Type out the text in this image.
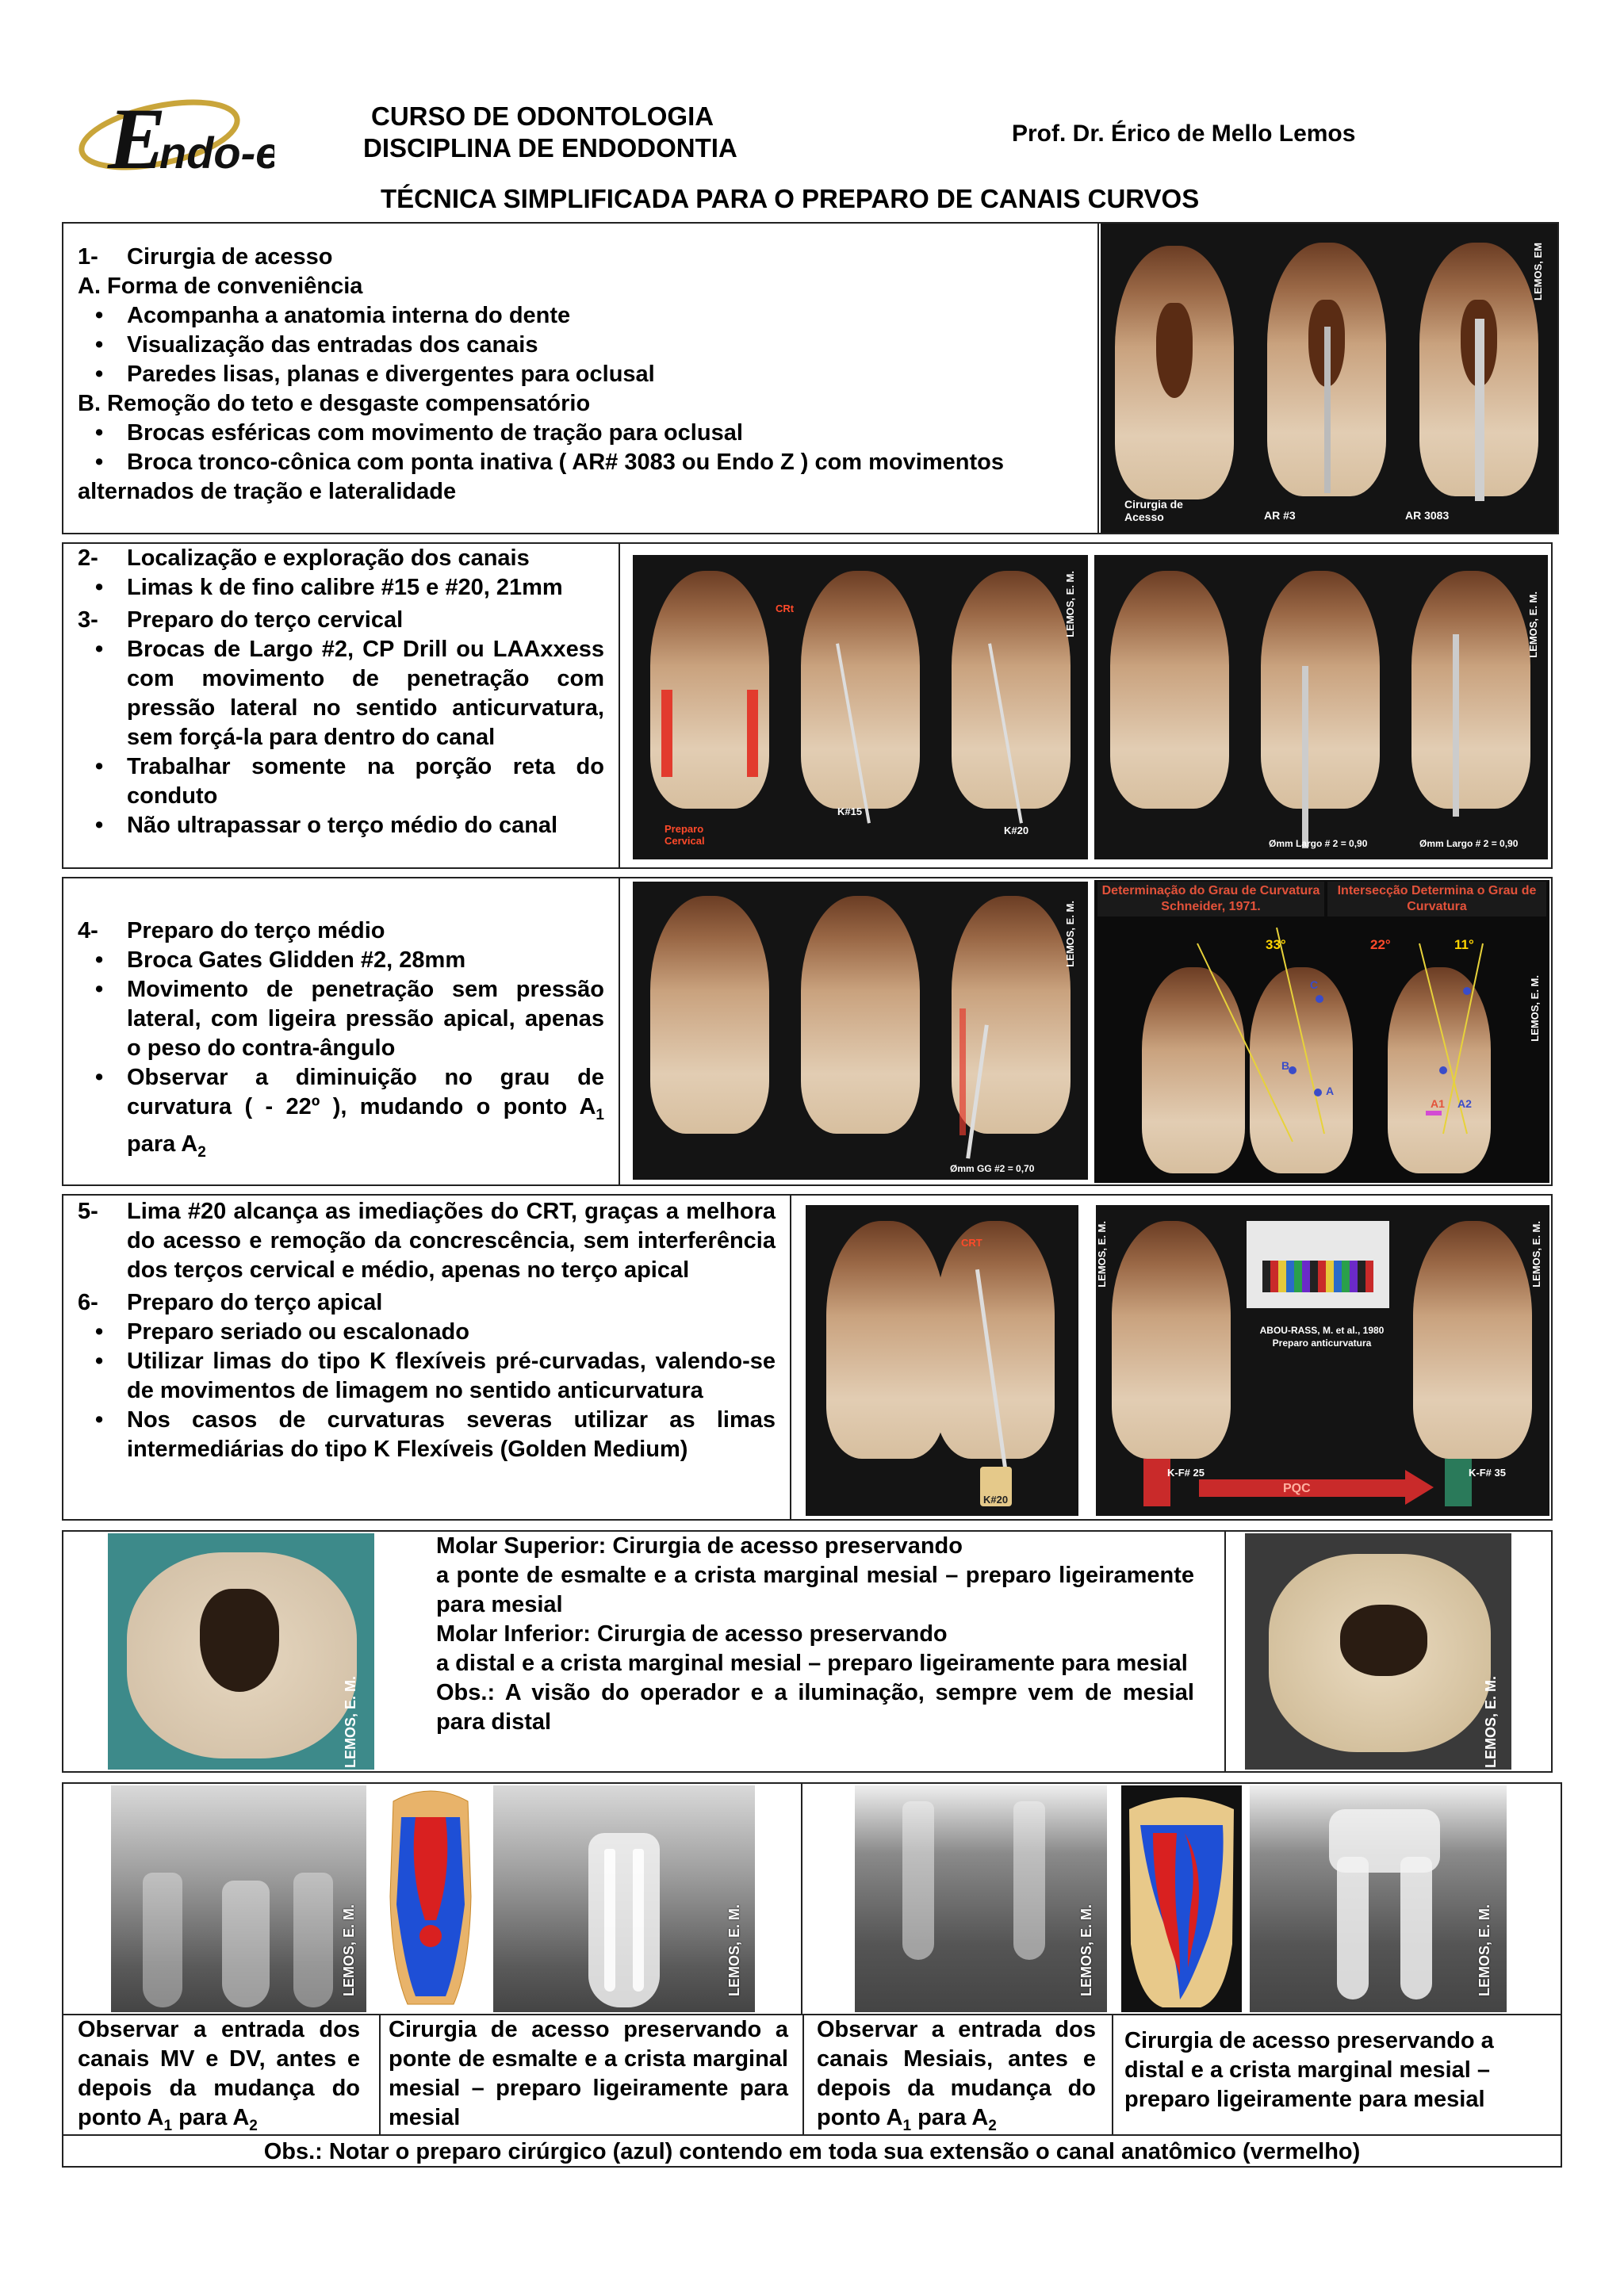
E
ndo-e
CURSO DE ODONTOLOGIA
DISCIPLINA DE ENDODONTIA	Prof. Dr. Érico de Mello Lemos
TÉCNICA SIMPLIFICADA PARA O PREPARO DE CANAIS CURVOS
1-	Cirurgia de acesso

A. Forma de conveniência

•	Acompanha a anatomia interna do dente
•	Visualização das entradas dos canais
•	Paredes lisas, planas e divergentes para oclusal

B. Remoção do teto e desgaste compensatório

•	Brocas esféricas com movimento de tração para oclusal
•	Broca tronco-cônica com ponta inativa ( AR# 3083 ou Endo Z ) com movimentos

alternados de tração e lateralidade	Cirurgia de Acesso	AR #3	AR 3083
LEMOS, EM
2-	Localização e exploração dos canais
•	Limas k de fino calibre #15 e #20, 21mm
3-	Preparo do terço cervical
•	Brocas de Largo #2, CP Drill ou LAAxxess com movimento de penetração com pressão lateral no sentido anticurvatura, sem forçá-la para dentro do canal
•	Trabalhar somente na porção reta do conduto
•	Não ultrapassar o terço médio do canal
CRt
K#15
K#20
Preparo Cervical
LEMOS, E. M.
Ømm Largo # 2 = 0,90	Ømm Largo # 2 = 0,90
LEMOS, E. M.
4-	Preparo do terço médio
•	Broca Gates Glidden #2, 28mm
•	Movimento de penetração sem pressão lateral, com ligeira pressão apical, apenas o peso do contra-ângulo
•	Observar a diminuição no grau de curvatura ( - 22º ), mudando o ponto $A_1$ para $A_2$
Ømm GG #2 = 0,70
LEMOS, E. M.
Determinação do Grau de Curvatura Schneider, 1971.
Intersecção Determina o Grau de Curvatura
33°	22°	11°
C
B
A
A1 A2
LEMOS, E. M.
5-	Lima #20 alcança as imediações do CRT, graças a melhora do acesso e remoção da concrescência, sem interferência dos terços cervical e médio, apenas no terço apical
6-	Preparo do terço apical
•	Preparo seriado ou escalonado
•	Utilizar limas do tipo K flexíveis pré-curvadas, valendo-se de movimentos de limagem no sentido anticurvatura
•	Nos casos de curvaturas severas utilizar as limas intermediárias do tipo K Flexíveis (Golden Medium)
CRT
K#20
ABOU-RASS, M. et al., 1980 Preparo anticurvatura
K-F# 25	K-F# 35
PQC
LEMOS, E. M.	LEMOS, E. M.
LEMOS, E. M.

Molar Superior: Cirurgia de acesso preservando

a ponte de esmalte e a crista marginal mesial – preparo ligeiramente para mesial

Molar Inferior: Cirurgia de acesso preservando

a distal e a crista marginal mesial – preparo ligeiramente para mesial

Obs.: A visão do operador e a iluminação, sempre vem de mesial para distal	LEMOS, E. M.
LEMOS, E. M.	LEMOS, E. M.	LEMOS, E. M.	LEMOS, E. M.
Observar a entrada dos canais MV e DV, antes e depois da mudança do ponto $A_1$ para $A_2$
Cirurgia de acesso preservando a ponte de esmalte e a crista marginal mesial – preparo ligeiramente para mesial
Observar a entrada dos canais Mesiais, antes e depois da mudança do ponto $A_1$ para $A_2$
Cirurgia de acesso preservando a distal e a crista marginal mesial – preparo ligeiramente para mesial
Obs.: Notar o preparo cirúrgico (azul) contendo em toda sua extensão o canal anatômico (vermelho)
